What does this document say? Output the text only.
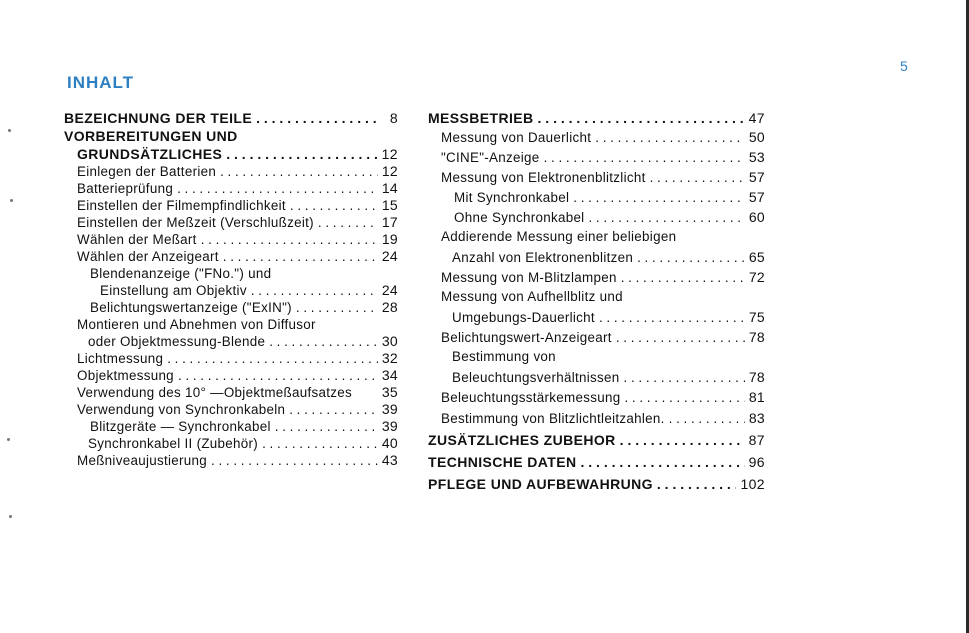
5
INHALT
BEZEICHNUNG DER TEILE . . .	8
VORBEREITUNGEN UND
GRUNDSÄTZLICHES . . .	12
Einlegen der Batterien . . .	12
Batterieprüfung . . .	14
Einstellen der Filmempfindlichkeit . . .	15
Einstellen der Meßzeit (Verschlußzeit) . . .	17
Wählen der Meßart . . .	19
Wählen der Anzeigeart . . .	24
Blendenanzeige ("FNo.") und
Einstellung am Objektiv . . .	24
Belichtungswertanzeige ("ExIN") . . .	28
Montieren und Abnehmen von Diffusor
oder Objektmessung-Blende . . .	30
Lichtmessung . . .	32
Objektmessung . . .	34
Verwendung des 10° —Objektmeßaufsatzes 35
Verwendung von Synchronkabeln . . .	39
Blitzgeräte — Synchronkabel . . .	39
Synchronkabel II (Zubehör) . . .	40
Meßniveaujustierung . . .	43
MESSBETRIEB . . .	47
Messung von Dauerlicht . . .	50
"CINE"-Anzeige . . .	53
Messung von Elektronenblitzlicht . . .	57
Mit Synchronkabel . . .	57
Ohne Synchronkabel . . .	60
Addierende Messung einer beliebigen
Anzahl von Elektronenblitzen . . .	65
Messung von M-Blitzlampen . . .	72
Messung von Aufhellblitz und
Umgebungs-Dauerlicht . . .	75
Belichtungswert-Anzeigeart . . .	78
Bestimmung von
Beleuchtungsverhältnissen . . .	78
Beleuchtungsstärkemessung . . .	81
Bestimmung von Blitzlichtleitzahlen. . . .	83
ZUSÄTZLICHES ZUBEHOR . . .	87
TECHNISCHE DATEN . . .	96
PFLEGE UND AUFBEWAHRUNG . . .	102
